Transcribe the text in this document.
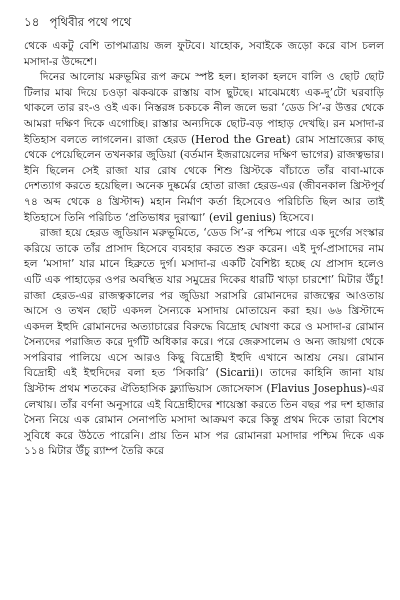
১৪ পৃথিবীর পথে পথে

থেকে একটু বেশি তাপমাত্রায় জল ফুটবে। যাহোক, সবাইকে জড়ো করে বাস চলল মসাদা-র উদ্দেশে।

দিনের আলোয় মরুভূমির রূপ ক্রমে স্পষ্ট হল। হালকা হলদে বালি ও ছোট ছোট টিলার মাঝ দিয়ে চওড়া ঝকঝকে রাস্তায় বাস ছুটছে। মাঝেমধ্যে এক-দু’টো ঘরবাড়ি থাকলে তার রং-ও ওই এক। নিস্তরঙ্গ চকচকে নীল জলে ভরা ‘ডেড সি’-র উত্তর থেকে আমরা দক্ষিণ দিকে এগোচ্ছি। রাস্তার অন্যদিকে ছোট-বড় পাহাড় দেখছি। রন মসাদা-র ইতিহাস বলতে লাগলেন। রাজা হেরড (Herod the Great) রোম সাম্রাজ্যের কাছ থেকে পেয়েছিলেন তখনকার জুডিয়া (বর্তমান ইজরায়েলের দক্ষিণ ভাগের) রাজত্বভার। ইনি ছিলেন সেই রাজা যার রোষ থেকে শিশু খ্রিস্টকে বাঁচাতে তাঁর বাবা-মাকে দেশত্যাগ করতে হয়েছিল। অনেক দুষ্কর্মের হোতা রাজা হেরড-এর (জীবনকাল খ্রিস্টপূর্ব ৭৪ অব্দ থেকে ৪ খ্রিস্টাব্দ) মহান নির্মাণ কর্তা হিসেবেও পরিচিতি ছিল আর তাই ইতিহাসে তিনি পরিচিত ‘প্রতিভাধর দুরাত্মা’ (evil genius) হিসেবে।

রাজা হয়ে হেরড জুডিয়ান মরুভূমিতে, ‘ডেড সি’-র পশ্চিম পারে এক দুর্গের সংস্কার করিয়ে তাকে তাঁর প্রাসাদ হিসেবে ব্যবহার করতে শুরু করেন। এই দুর্গ-প্রাসাদের নাম হল ‘মসাদা’ যার মানে হিব্রুতে দুর্গ। মসাদা-র একটি বৈশিষ্ট্য হচ্ছে যে প্রাসাদ হলেও এটি এক পাহাড়ের ওপর অবস্থিত যার সমুদ্রের দিকের ধারটি খাড়া চারশো’ মিটার উঁচু! রাজা হেরড-এর রাজত্বকালের পর জুডিয়া সরাসরি রোমানদের রাজত্বের আওতায় আসে ও তখন ছোট একদল সৈন্যকে মসাদায় মোতায়েন করা হয়। ৬৬ খ্রিস্টাব্দে একদল ইহুদি রোমানদের অত্যাচারের বিরুদ্ধে বিদ্রোহ ঘোষণা করে ও মসাদা-র রোমান সৈন্যদের পরাজিত করে দুর্গটি অধিকার করে। পরে জেরুসালেম ও অন্য জায়গা থেকে সপরিবার পালিয়ে এসে আরও কিছু বিদ্রোহী ইহুদি এখানে আশ্রয় নেয়। রোমান বিদ্রোহী এই ইহুদিদের বলা হত ‘সিকারি’ (Sicarii)। তাদের কাহিনি জানা যায় খ্রিস্টাব্দ প্রথম শতকের ঐতিহাসিক ফ্ল্যাভিয়াস জোসেফাস (Flavius Josephus)-এর লেখায়। তাঁর বর্ণনা অনুসারে এই বিদ্রোহীদের শায়েস্তা করতে তিন বছর পর দশ হাজার সৈন্য নিয়ে এক রোমান সেনাপতি মসাদা আক্রমণ করে কিন্তু প্রথম দিকে তারা বিশেষ সুবিধে করে উঠতে পারেনি। প্রায় তিন মাস পর রোমানরা মসাদার পশ্চিম দিকে এক ১১৪ মিটার উঁচু র‍্যাম্প তৈরি করে
